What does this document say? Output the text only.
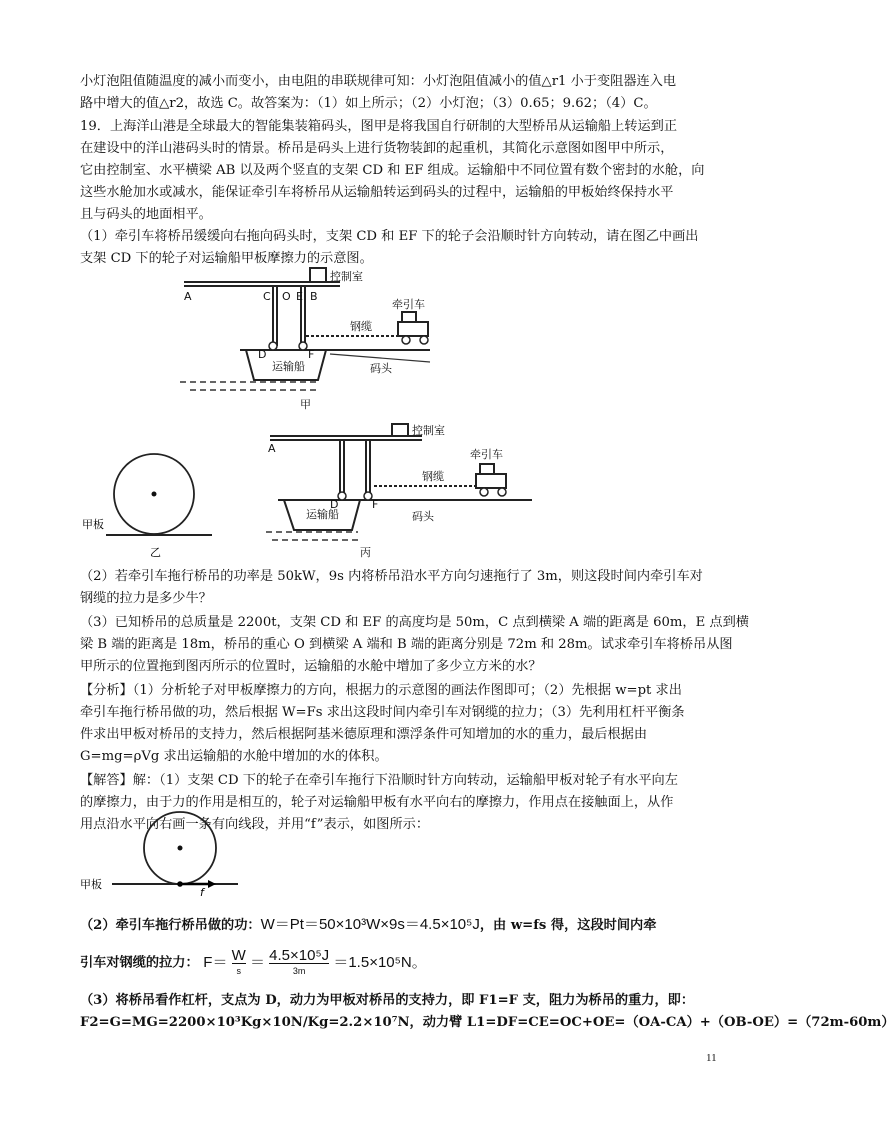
小灯泡阻值随温度的减小而变小，由电阻的串联规律可知：小灯泡阻值减小的值△r1 小于变阻器连入电
路中增大的值△r2，故选 C。故答案为：（1）如上所示；（2）小灯泡；（3）0.65；9.62；（4）C。
19．上海洋山港是全球最大的智能集装箱码头，图甲是将我国自行研制的大型桥吊从运输船上转运到正
在建设中的洋山港码头时的情景。桥吊是码头上进行货物装卸的起重机，其简化示意图如图甲中所示，
它由控制室、水平横梁 AB 以及两个竖直的支架 CD 和 EF 组成。运输船中不同位置有数个密封的水舱，向
这些水舱加水或减水，能保证牵引车将桥吊从运输船转运到码头的过程中，运输船的甲板始终保持水平
且与码头的地面相平。
（1）牵引车将桥吊缓缓向右拖向码头时，支架 CD 和 EF 下的轮子会沿顺时针方向转动，请在图乙中画出
支架 CD 下的轮子对运输船甲板摩擦力的示意图。
A	C O E B
D	F
控制室
牵引车
钢缆
运输船	码头
甲
甲板
乙
A
控制室
牵引车
钢缆
运输船	码头
D	F
丙
（2）若牵引车拖行桥吊的功率是 50kW，9s 内将桥吊沿水平方向匀速拖行了 3m，则这段时间内牵引车对
钢缆的拉力是多少牛？
（3）已知桥吊的总质量是 2200t，支架 CD 和 EF 的高度均是 50m，C 点到横梁 A 端的距离是 60m，E 点到横
梁 B 端的距离是 18m，桥吊的重心 O 到横梁 A 端和 B 端的距离分别是 72m 和 28m。试求牵引车将桥吊从图
甲所示的位置拖到图丙所示的位置时，运输船的水舱中增加了多少立方米的水？
【分析】（1）分析轮子对甲板摩擦力的方向，根据力的示意图的画法作图即可；（2）先根据 w=pt 求出
牵引车拖行桥吊做的功，然后根据 W=Fs 求出这段时间内牵引车对钢缆的拉力；（3）先利用杠杆平衡条
件求出甲板对桥吊的支持力，然后根据阿基米德原理和漂浮条件可知增加的水的重力，最后根据由
G=mg=ρVg 求出运输船的水舱中增加的水的体积。
【解答】解：（1）支架 CD 下的轮子在牵引车拖行下沿顺时针方向转动，运输船甲板对轮子有水平向左
的摩擦力，由于力的作用是相互的，轮子对运输船甲板有水平向右的摩擦力，作用点在接触面上，从作
用点沿水平向右画一条有向线段，并用“f”表示，如图所示：
甲板
f
（2）牵引车拖行桥吊做的功：W＝Pt＝50×10³W×9s＝4.5×10⁵J，由 w=fs 得，这段时间内牵
引车对钢缆的拉力： F＝ W
s ＝ 4.5×10⁵J
3m	＝1.5×10⁵N。
（3）将桥吊看作杠杆，支点为 D，动力为甲板对桥吊的支持力，即 F1=F 支，阻力为桥吊的重力，即：
F2=G=MG=2200×10³Kg×10N/Kg=2.2×10⁷N，动力臂 L1=DF=CE=OC+OE=（OA-CA）+（OB-OE）=（72m-60m）
11
